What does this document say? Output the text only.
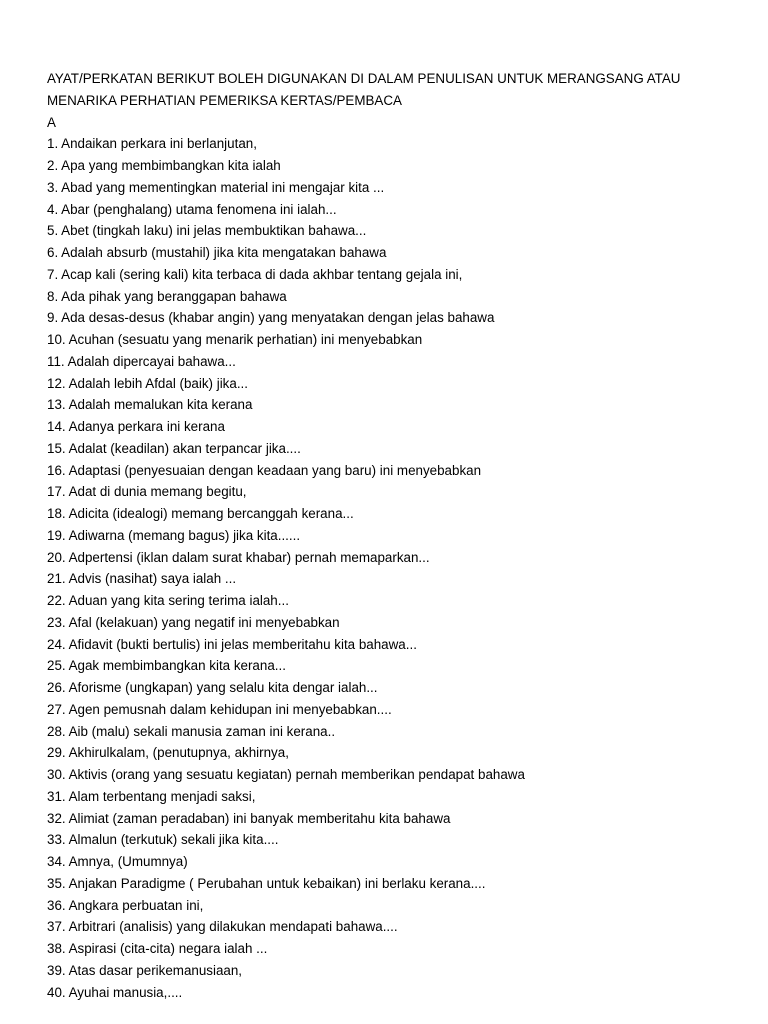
AYAT/PERKATAN BERIKUT BOLEH DIGUNAKAN DI DALAM PENULISAN UNTUK MERANGSANG ATAU
MENARIKA PERHATIAN PEMERIKSA KERTAS/PEMBACA
A
1. Andaikan perkara ini berlanjutan,
2. Apa yang membimbangkan kita ialah
3. Abad yang mementingkan material ini mengajar kita ...
4. Abar (penghalang) utama fenomena ini ialah...
5. Abet (tingkah laku) ini jelas membuktikan bahawa...
6. Adalah absurb (mustahil) jika kita mengatakan bahawa
7. Acap kali (sering kali) kita terbaca di dada akhbar tentang gejala ini,
8. Ada pihak yang beranggapan bahawa
9. Ada desas-desus (khabar angin) yang menyatakan dengan jelas bahawa
10. Acuhan (sesuatu yang menarik perhatian) ini menyebabkan
11. Adalah dipercayai bahawa...
12. Adalah lebih Afdal (baik) jika...
13. Adalah memalukan kita kerana
14. Adanya perkara ini kerana
15. Adalat (keadilan) akan terpancar jika....
16. Adaptasi (penyesuaian dengan keadaan yang baru) ini menyebabkan
17. Adat di dunia memang begitu,
18. Adicita (idealogi) memang bercanggah kerana...
19. Adiwarna (memang bagus) jika kita......
20. Adpertensi (iklan dalam surat khabar) pernah memaparkan...
21. Advis (nasihat) saya ialah ...
22. Aduan yang kita sering terima ialah...
23. Afal (kelakuan) yang negatif ini menyebabkan
24. Afidavit (bukti bertulis) ini jelas memberitahu kita bahawa...
25. Agak membimbangkan kita kerana...
26. Aforisme (ungkapan) yang selalu kita dengar ialah...
27. Agen pemusnah dalam kehidupan ini menyebabkan....
28. Aib (malu) sekali manusia zaman ini kerana..
29. Akhirulkalam, (penutupnya, akhirnya,
30. Aktivis (orang yang sesuatu kegiatan) pernah memberikan pendapat bahawa
31. Alam terbentang menjadi saksi,
32. Alimiat (zaman peradaban) ini banyak memberitahu kita bahawa
33. Almalun (terkutuk) sekali jika kita....
34. Amnya, (Umumnya)
35. Anjakan Paradigme ( Perubahan untuk kebaikan) ini berlaku kerana....
36. Angkara perbuatan ini,
37. Arbitrari (analisis) yang dilakukan mendapati bahawa....
38. Aspirasi (cita-cita) negara ialah ...
39. Atas dasar perikemanusiaan,
40. Ayuhai manusia,....
